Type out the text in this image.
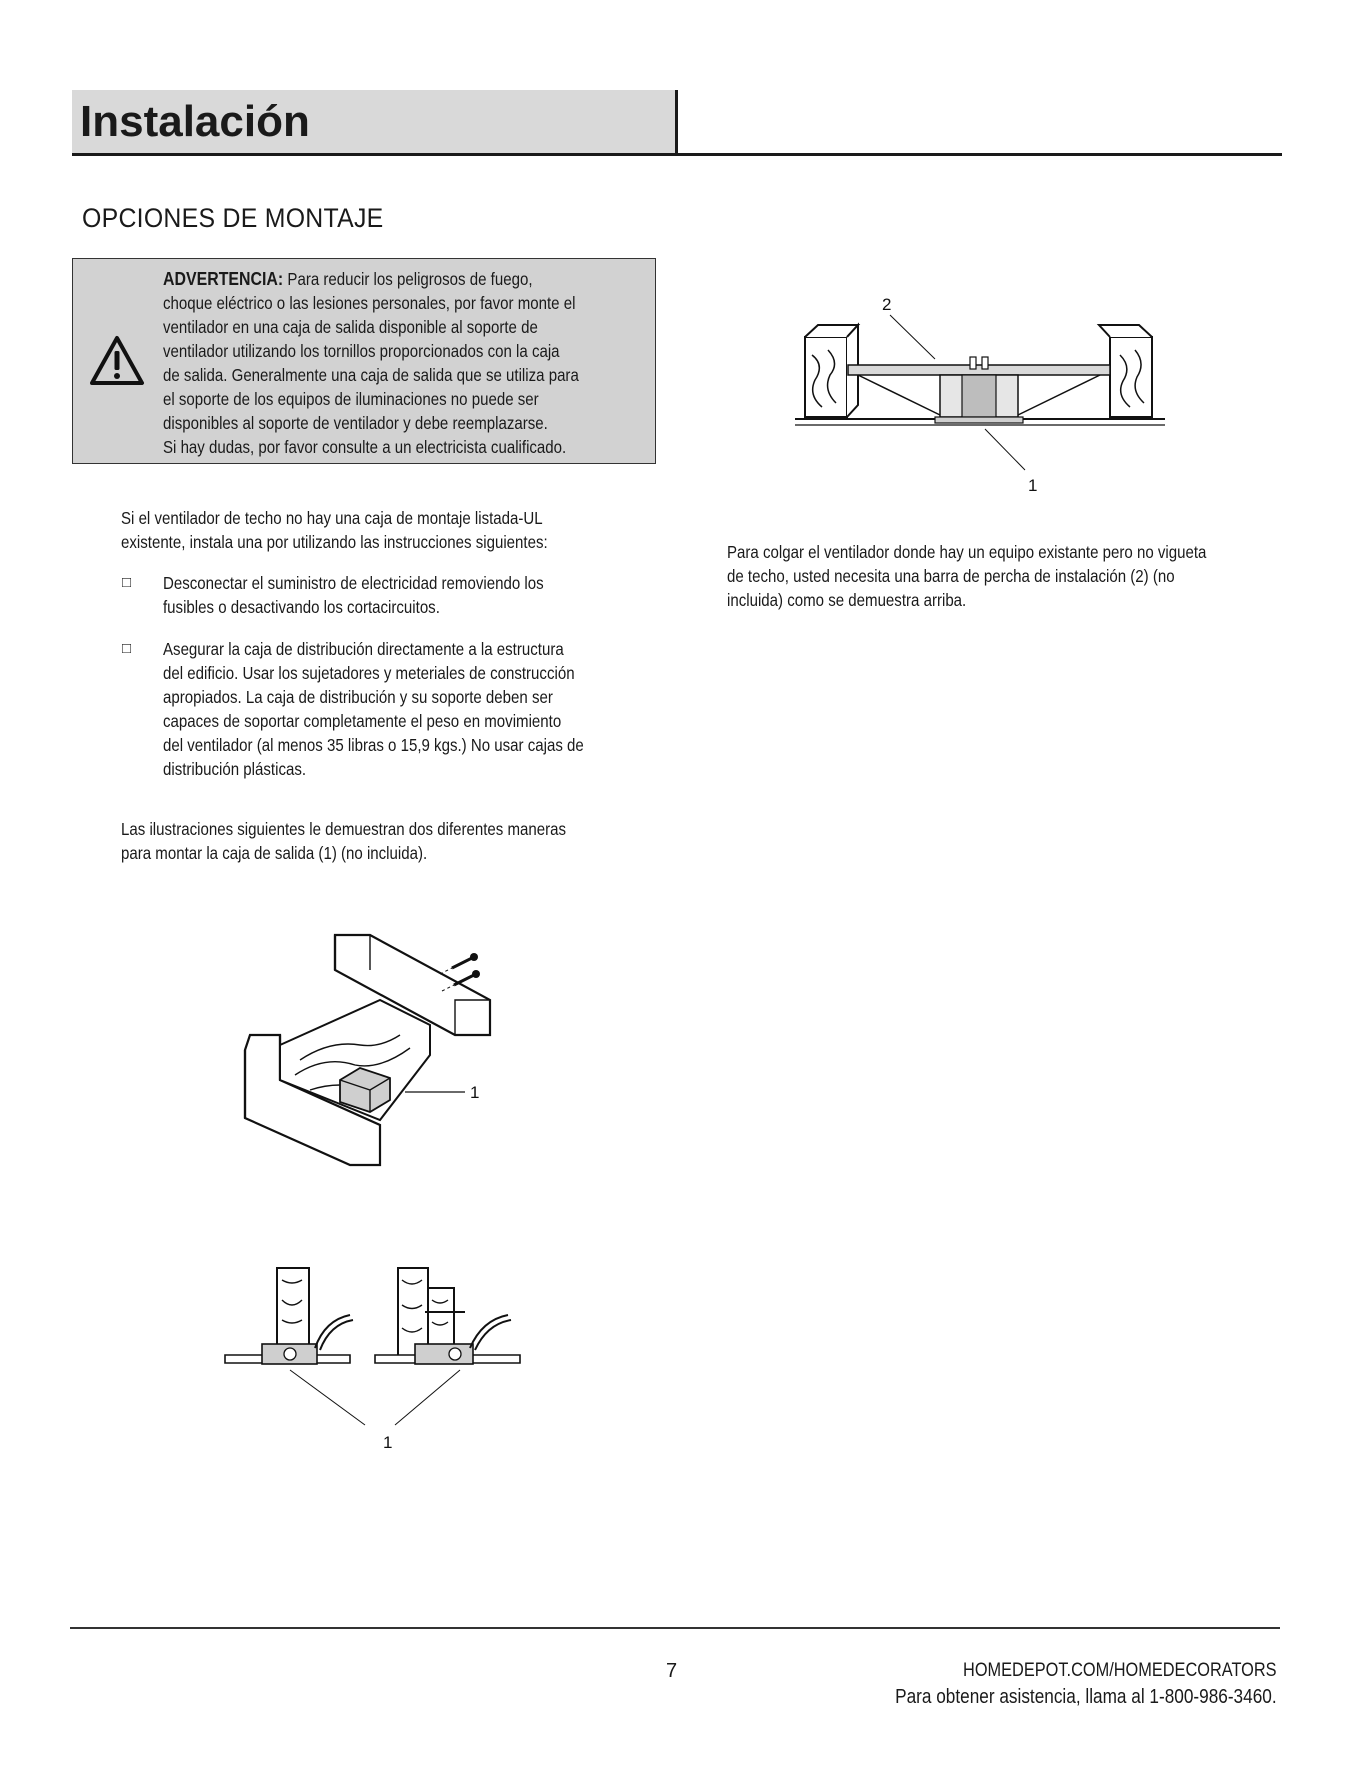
Instalación
OPCIONES DE MONTAJE
ADVERTENCIA: Para reducir los peligrosos de fuego,
choque eléctrico o las lesiones personales, por favor monte el
ventilador en una caja de salida disponible al soporte de
ventilador utilizando los tornillos proporcionados con la caja
de salida. Generalmente una caja de salida que se utiliza para
el soporte de los equipos de iluminaciones no puede ser
disponibles al soporte de ventilador y debe reemplazarse.
Si hay dudas, por favor consulte a un electricista cualificado.
Si el ventilador de techo no hay una caja de montaje listada-UL
existente, instala una por utilizando las instrucciones siguientes:
□ Desconectar el suministro de electricidad removiendo los
fusibles o desactivando los cortacircuitos.
□ Asegurar la caja de distribución directamente a la estructura
del edificio. Usar los sujetadores y meteriales de construcción
apropiados. La caja de distribución y su soporte deben ser
capaces de soportar completamente el peso en movimiento
del ventilador (al menos 35 libras o 15,9 kgs.) No usar cajas de
distribución plásticas.
Las ilustraciones siguientes le demuestran dos diferentes maneras
para montar la caja de salida (1) (no incluida).
Para colgar el ventilador donde hay un equipo existante pero no vigueta
de techo, usted necesita una barra de percha de instalación (2) (no
incluida) como se demuestra arriba.
2
1
1
1
7	HOMEDEPOT.COM/HOMEDECORATORS
Para obtener asistencia, llama al 1-800-986-3460.
